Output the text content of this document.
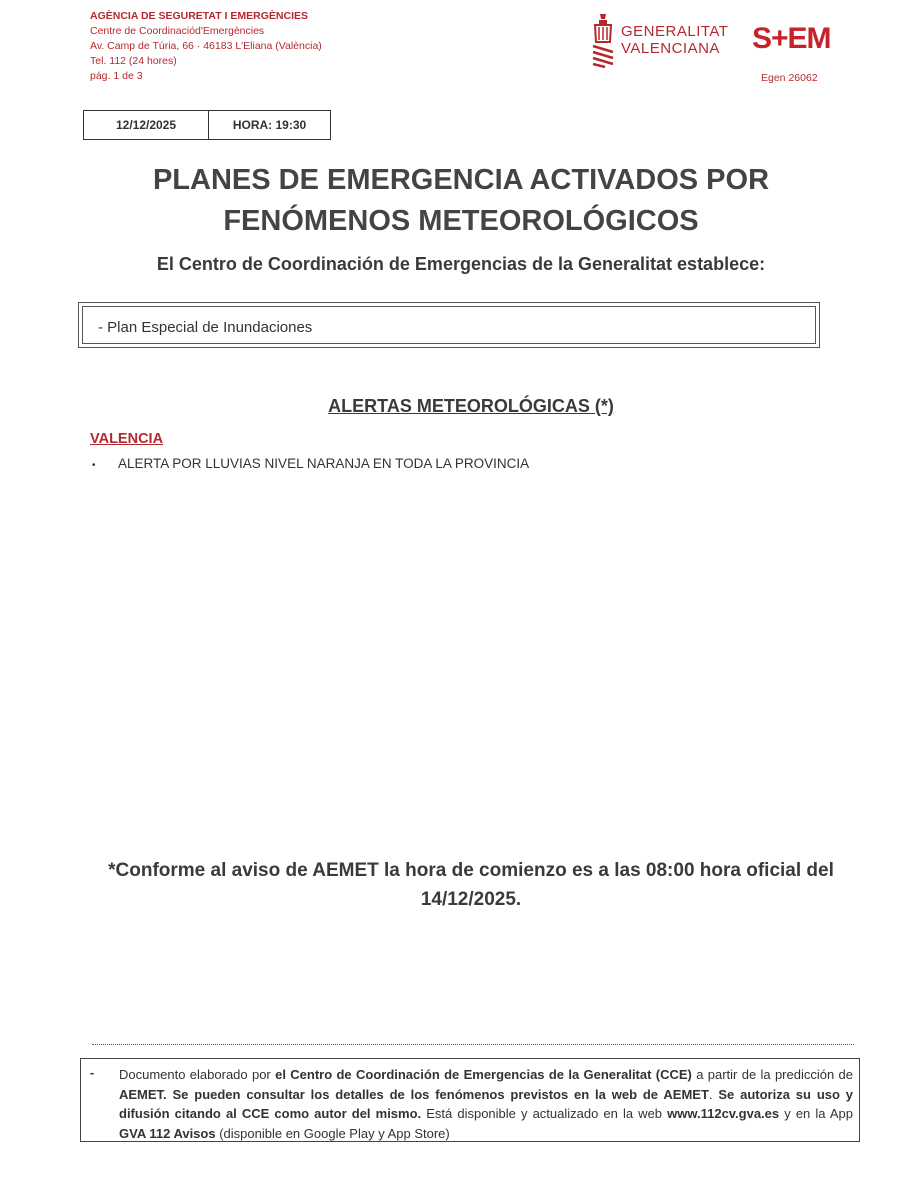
AGÈNCIA DE SEGURETAT I EMERGÈNCIES
Centre de Coordinaciód'Emergències
Av. Camp de Túria, 66 · 46183 L'Eliana (València)
Tel. 112 (24 hores)
pág. 1 de 3
GENERALITAT
VALENCIANA S+EM
Egen 26062
12/12/2025	HORA: 19:30
PLANES DE EMERGENCIA ACTIVADOS POR
FENÓMENOS METEOROLÓGICOS
El Centro de Coordinación de Emergencias de la Generalitat establece:
- Plan Especial de Inundaciones
ALERTAS METEOROLÓGICAS (*)
VALENCIA
• ALERTA POR LLUVIAS NIVEL NARANJA EN TODA LA PROVINCIA
*Conforme al aviso de AEMET la hora de comienzo es a las 08:00 hora oficial del
14/12/2025.
- Documento elaborado por el Centro de Coordinación de Emergencias de la Generalitat (CCE) a partir de la predicción de AEMET. Se pueden consultar los detalles de los fenómenos previstos en la web de AEMET. Se autoriza su uso y difusión citando al CCE como autor del mismo. Está disponible y actualizado en la web www.112cv.gva.es y en la App GVA 112 Avisos (disponible en Google Play y App Store)
